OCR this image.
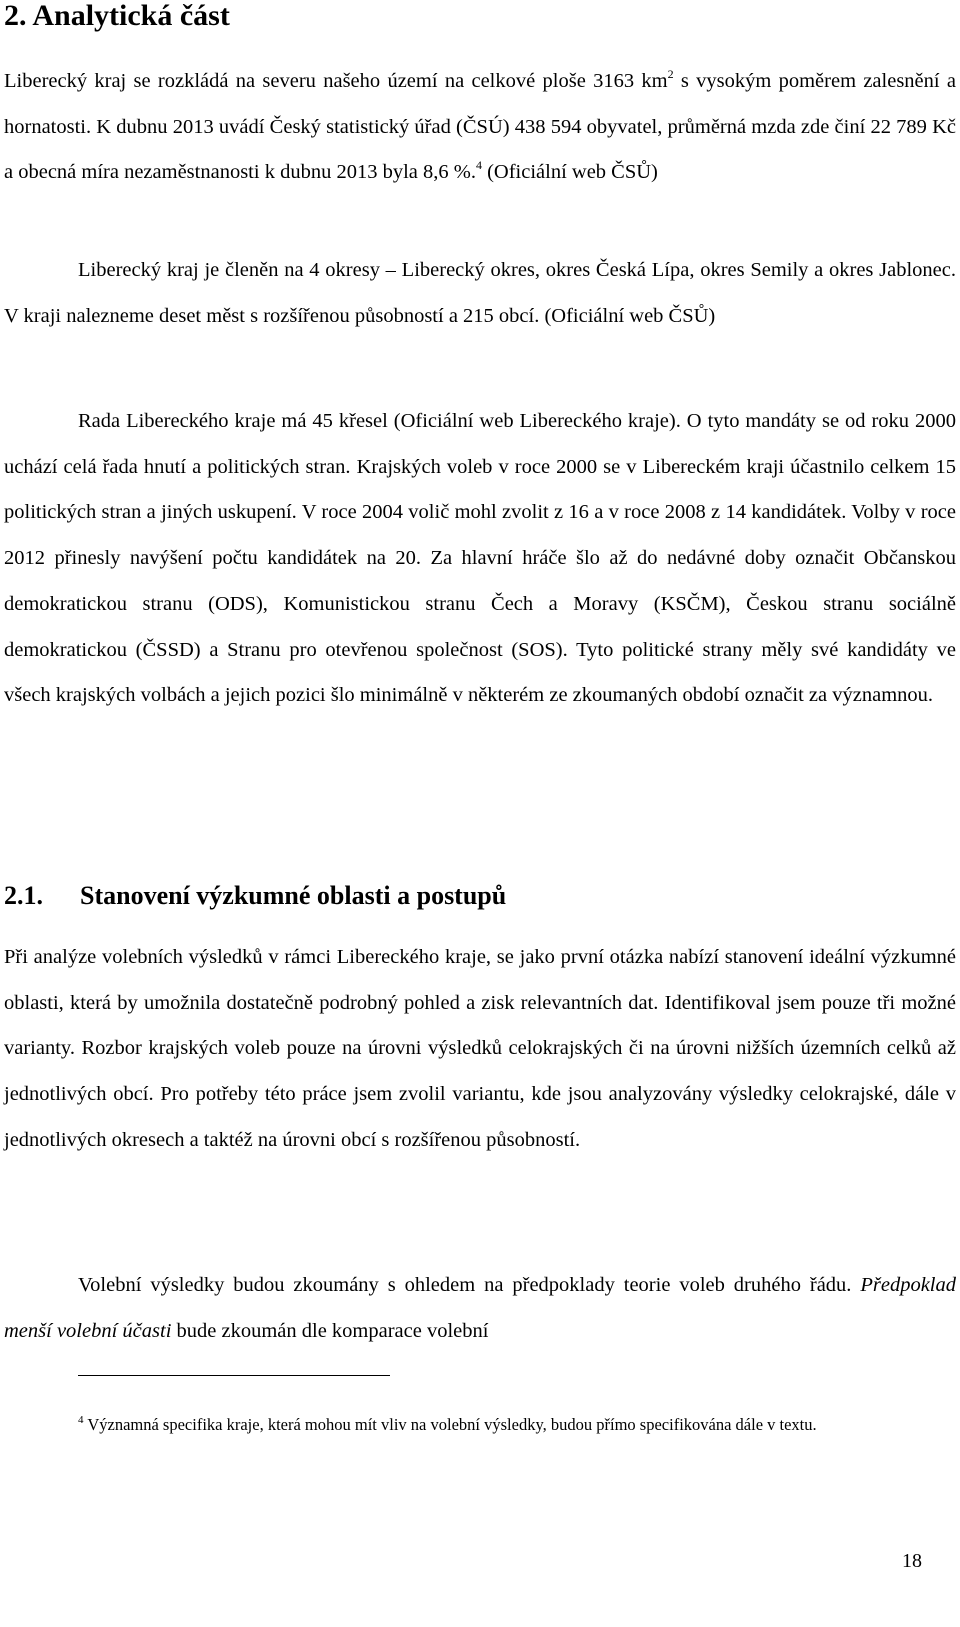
2. Analytická část

Liberecký kraj se rozkládá na severu našeho území na celkové ploše 3163 $km^2$ s vysokým poměrem zalesnění a hornatosti. K dubnu 2013 uvádí Český statistický úřad (ČSÚ) 438 594 obyvatel, průměrná mzda zde činí 22 789 Kč a obecná míra nezaměstnanosti k dubnu 2013 byla 8,6 %.$^4$ (Oficiální web ČSŮ)

Liberecký kraj je členěn na 4 okresy – Liberecký okres, okres Česká Lípa, okres Semily a okres Jablonec. V kraji nalezneme deset měst s rozšířenou působností a 215 obcí. (Oficiální web ČSŮ)

Rada Libereckého kraje má 45 křesel (Oficiální web Libereckého kraje). O tyto mandáty se od roku 2000 uchází celá řada hnutí a politických stran. Krajských voleb v roce 2000 se v Libereckém kraji účastnilo celkem 15 politických stran a jiných uskupení. V roce 2004 volič mohl zvolit z 16 a v roce 2008 z 14 kandidátek. Volby v roce 2012 přinesly navýšení počtu kandidátek na 20. Za hlavní hráče šlo až do nedávné doby označit Občanskou demokratickou stranu (ODS), Komunistickou stranu Čech a Moravy (KSČM), Českou stranu sociálně demokratickou (ČSSD) a Stranu pro otevřenou společnost (SOS). Tyto politické strany měly své kandidáty ve všech krajských volbách a jejich pozici šlo minimálně v některém ze zkoumaných období označit za významnou.

2.1.	Stanovení výzkumné oblasti a postupů

Při analýze volebních výsledků v rámci Libereckého kraje, se jako první otázka nabízí stanovení ideální výzkumné oblasti, která by umožnila dostatečně podrobný pohled a zisk relevantních dat. Identifikoval jsem pouze tři možné varianty. Rozbor krajských voleb pouze na úrovni výsledků celokrajských či na úrovni nižších územních celků až jednotlivých obcí. Pro potřeby této práce jsem zvolil variantu, kde jsou analyzovány výsledky celokrajské, dále v jednotlivých okresech a taktéž na úrovni obcí s rozšířenou působností.

Volební výsledky budou zkoumány s ohledem na předpoklady teorie voleb druhého řádu. Předpoklad menší volební účasti bude zkoumán dle komparace volební

$^4$ Významná specifika kraje, která mohou mít vliv na volební výsledky, budou přímo specifikována dále v textu.

18
